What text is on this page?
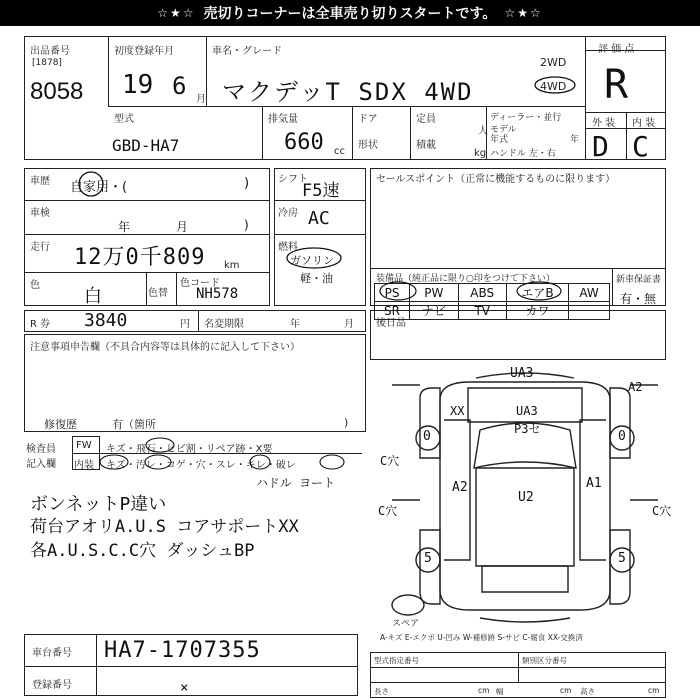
☆★☆ 売切りコーナーは全車売り切りスタートです。 ☆★☆
出品番号
[1878]
8058
初度登録年月
19 6 月
車名・グレード
マクデッT SDX 4WD
2WD
4WD
評 価 点
R
外 装 内 装
D C
型式
GBD-HA7
排気量
660 cc
ドア
形状
定員
人
積載
kg
ディーラー・並行
モデル
年式	年
ハンドル 左・右
車歴 自家用・(	)
車検
年	月	)
走行 12万0千809 km
色
白	色替
色コード
NH578
シフト
F5速
冷房 AC
燃料
ガソリン
軽・油
セールスポイント（正常に機能するものに限ります）
装備品（純正品に限り○印をつけて下さい）	新車保証書
有・無
PS	PW	ABS	エアB	AW
SR	ナビ	TV	カワ	
R 券 3840	円 名変期限	年	月 後日品
注意事項申告欄（不具合内容等は具体的に記入して下さい）
修復歴	有（箇所	)
検査員
記入欄
FW
内装
キズ・飛石・ヒビ割・リペア跡・X要
キズ・汚レ・コゲ・穴・スレ・キレ・破レ
ハドル ヨート
ボンネットP違い
荷台アオリA.U.S コアサポートXX
各A.U.S.C.C穴 ダッシュBP
UA3
A2
XX	UA3
P3セ
0	0
C穴
A2
U2
A1
C穴	C穴
5	5
スペア
A-キズ E-エクボ U-凹み W-補修跡 S-サビ C-腐食 XX-交換済
車台番号 HA7-1707355
登録番号	×
型式指定番号	類別区分番号
長さ	cm 幅	cm 高さ	cm
